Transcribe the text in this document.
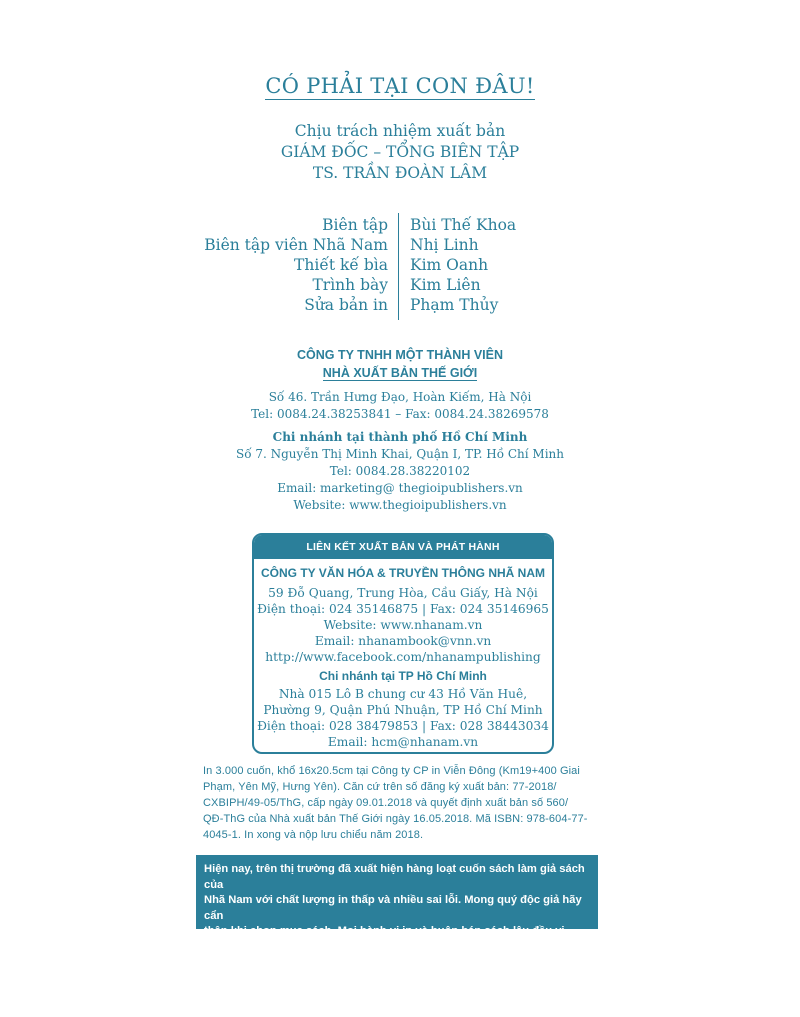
CÓ PHẢI TẠI CON ĐÂU!
Chịu trách nhiệm xuất bản
GIÁM ĐỐC – TỔNG BIÊN TẬP
TS. TRẦN ĐOÀN LÂM
Biên tập Bùi Thế Khoa
Biên tập viên Nhã Nam Nhị Linh
Thiết kế bìa Kim Oanh
Trình bày Kim Liên
Sửa bản in Phạm Thủy
CÔNG TY TNHH MỘT THÀNH VIÊN
NHÀ XUẤT BẢN THẾ GIỚI
Số 46. Trần Hưng Đạo, Hoàn Kiếm, Hà Nội
Tel: 0084.24.38253841 – Fax: 0084.24.38269578
Chi nhánh tại thành phố Hồ Chí Minh
Số 7. Nguyễn Thị Minh Khai, Quận I, TP. Hồ Chí Minh
Tel: 0084.28.38220102
Email: marketing@ thegioipublishers.vn
Website: www.thegioipublishers.vn
LIÊN KẾT XUẤT BẢN VÀ PHÁT HÀNH
CÔNG TY VĂN HÓA & TRUYỀN THÔNG NHÃ NAM
59 Đỗ Quang, Trung Hòa, Cầu Giấy, Hà Nội
Điện thoại: 024 35146875 | Fax: 024 35146965
Website: www.nhanam.vn
Email: nhanambook@vnn.vn
http://www.facebook.com/nhanampublishing
Chi nhánh tại TP Hồ Chí Minh
Nhà 015 Lô B chung cư 43 Hồ Văn Huê,
Phường 9, Quận Phú Nhuận, TP Hồ Chí Minh
Điện thoại: 028 38479853 | Fax: 028 38443034
Email: hcm@nhanam.vn
In 3.000 cuốn, khổ 16x20.5cm tại Công ty CP in Viễn Đông (Km19+400 Giai
Phạm, Yên Mỹ, Hưng Yên). Căn cứ trên số đăng ký xuất bản: 77-2018/
CXBIPH/49-05/ThG, cấp ngày 09.01.2018 và quyết định xuất bản số 560/
QĐ-ThG của Nhà xuất bản Thế Giới ngày 16.05.2018. Mã ISBN: 978-604-77-
4045-1. In xong và nộp lưu chiểu năm 2018.
Hiện nay, trên thị trường đã xuất hiện hàng loạt cuốn sách làm giả sách của
Nhã Nam với chất lượng in thấp và nhiều sai lỗi. Mong quý độc giả hãy cẩn
thận khi chọn mua sách. Mọi hành vi in và buôn bán sách lậu đều vi phạm
pháp luật và làm tổn hại đến quyền lợi của tác giả và nhà xuất bản.
